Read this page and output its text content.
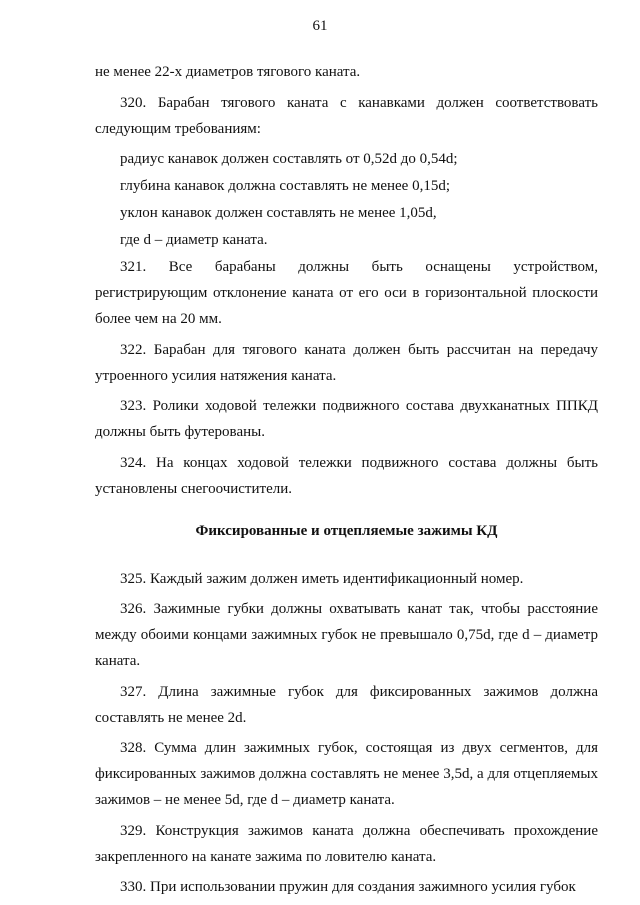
61

не менее 22-х диаметров тягового каната.

320. Барабан тягового каната с канавками должен соответствовать следующим требованиям:

радиус канавок должен составлять от 0,52d до 0,54d;
глубина канавок должна составлять не менее 0,15d;
уклон канавок должен составлять не менее 1,05d,
где d – диаметр каната.

321. Все барабаны должны быть оснащены устройством, регистрирующим отклонение каната от его оси в горизонтальной плоскости более чем на 20 мм.

322. Барабан для тягового каната должен быть рассчитан на передачу утроенного усилия натяжения каната.

323. Ролики ходовой тележки подвижного состава двухканатных ППКД должны быть футерованы.

324. На концах ходовой тележки подвижного состава должны быть установлены снегоочистители.

Фиксированные и отцепляемые зажимы КД

325. Каждый зажим должен иметь идентификационный номер.

326. Зажимные губки должны охватывать канат так, чтобы расстояние между обоими концами зажимных губок не превышало 0,75d, где d – диаметр каната.

327. Длина зажимные губок для фиксированных зажимов должна составлять не менее 2d.

328. Сумма длин зажимных губок, состоящая из двух сегментов, для фиксированных зажимов должна составлять не менее 3,5d, а для отцепляемых зажимов – не менее 5d, где d – диаметр каната.

329. Конструкция зажимов каната должна обеспечивать прохождение закрепленного на канате зажима по ловителю каната.

330. При использовании пружин для создания зажимного усилия губок
